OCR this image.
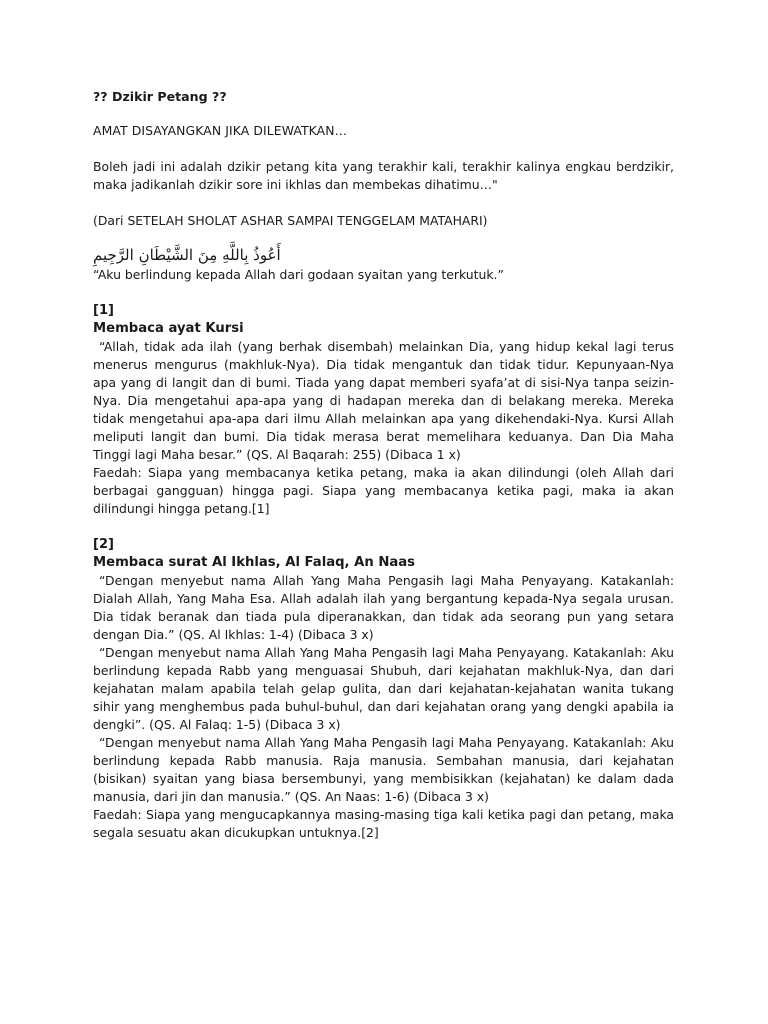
?? Dzikir Petang ??

AMAT DISAYANGKAN JIKA DILEWATKAN…

Boleh jadi ini adalah dzikir petang kita yang terakhir kali, terakhir kalinya engkau berdzikir, maka jadikanlah dzikir sore ini ikhlas dan membekas dihatimu…"

(Dari SETELAH SHOLAT ASHAR SAMPAI TENGGELAM MATAHARI)

أَعُوذُ بِاللَّهِ مِنَ الشَّيْطَانِ الرَّجِيمِ

“Aku berlindung kepada Allah dari godaan syaitan yang terkutuk.”

[1]

Membaca ayat Kursi

“Allah, tidak ada ilah (yang berhak disembah) melainkan Dia, yang hidup kekal lagi terus menerus mengurus (makhluk-Nya). Dia tidak mengantuk dan tidak tidur. Kepunyaan-Nya apa yang di langit dan di bumi. Tiada yang dapat memberi syafa’at di sisi-Nya tanpa seizin-Nya. Dia mengetahui apa-apa yang di hadapan mereka dan di belakang mereka. Mereka tidak mengetahui apa-apa dari ilmu Allah melainkan apa yang dikehendaki-Nya. Kursi Allah meliputi langit dan bumi. Dia tidak merasa berat memelihara keduanya. Dan Dia Maha Tinggi lagi Maha besar.” (QS. Al Baqarah: 255) (Dibaca 1 x)

Faedah: Siapa yang membacanya ketika petang, maka ia akan dilindungi (oleh Allah dari berbagai gangguan) hingga pagi. Siapa yang membacanya ketika pagi, maka ia akan dilindungi hingga petang.[1]

[2]

Membaca surat Al Ikhlas, Al Falaq, An Naas

“Dengan menyebut nama Allah Yang Maha Pengasih lagi Maha Penyayang. Katakanlah: Dialah Allah, Yang Maha Esa. Allah adalah ilah yang bergantung kepada-Nya segala urusan. Dia tidak beranak dan tiada pula diperanakkan, dan tidak ada seorang pun yang setara dengan Dia.” (QS. Al Ikhlas: 1-4) (Dibaca 3 x)

“Dengan menyebut nama Allah Yang Maha Pengasih lagi Maha Penyayang. Katakanlah: Aku berlindung kepada Rabb yang menguasai Shubuh, dari kejahatan makhluk-Nya, dan dari kejahatan malam apabila telah gelap gulita, dan dari kejahatan-kejahatan wanita tukang sihir yang menghembus pada buhul-buhul, dan dari kejahatan orang yang dengki apabila ia dengki”. (QS. Al Falaq: 1-5) (Dibaca 3 x)

“Dengan menyebut nama Allah Yang Maha Pengasih lagi Maha Penyayang. Katakanlah: Aku berlindung kepada Rabb manusia. Raja manusia. Sembahan manusia, dari kejahatan (bisikan) syaitan yang biasa bersembunyi, yang membisikkan (kejahatan) ke dalam dada manusia, dari jin dan manusia.” (QS. An Naas: 1-6) (Dibaca 3 x)

Faedah: Siapa yang mengucapkannya masing-masing tiga kali ketika pagi dan petang, maka segala sesuatu akan dicukupkan untuknya.[2]
